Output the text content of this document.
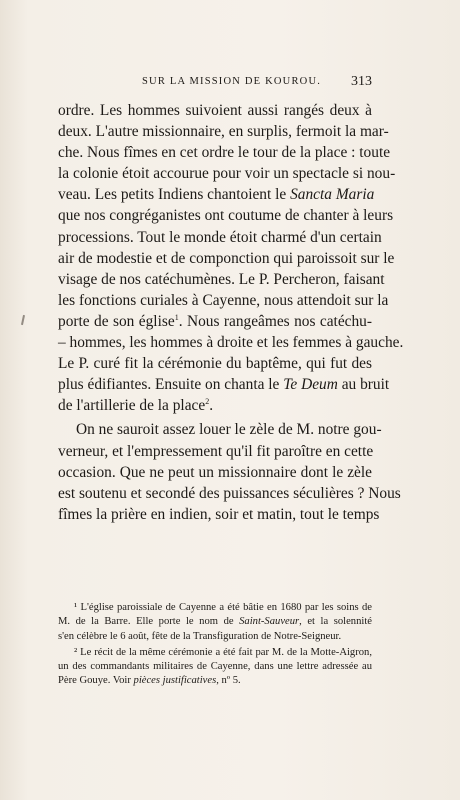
SUR LA MISSION DE KOUROU. 313
ordre. Les hommes suivoient aussi rangés deux à
deux. L'autre missionnaire, en surplis, fermoit la mar-
che. Nous fîmes en cet ordre le tour de la place : toute
la colonie étoit accourue pour voir un spectacle si nou-
veau. Les petits Indiens chantoient le Sancta Maria
que nos congréganistes ont coutume de chanter à leurs
processions. Tout le monde étoit charmé d'un certain
air de modestie et de componction qui paroissoit sur le
visage de nos catéchumènes. Le P. Percheron, faisant
les fonctions curiales à Cayenne, nous attendoit sur la
porte de son église$^1$. Nous rangeâmes nos catéchu-
– hommes, les hommes à droite et les femmes à gauche.
Le P. curé fit la cérémonie du baptême, qui fut des
plus édifiantes. Ensuite on chanta le Te Deum au bruit
de l'artillerie de la place$^2$.
On ne sauroit assez louer le zèle de M. notre gou-
verneur, et l'empressement qu'il fit paroître en cette
occasion. Que ne peut un missionnaire dont le zèle
est soutenu et secondé des puissances séculières ? Nous
fîmes la prière en indien, soir et matin, tout le temps
¹ L'église paroissiale de Cayenne a été bâtie en 1680 par les soins de
M. de la Barre. Elle porte le nom de Saint-Sauveur, et la solennité
s'en célèbre le 6 août, fête de la Transfiguration de Notre-Seigneur.
² Le récit de la même cérémonie a été fait par M. de la Motte-Aigron,
un des commandants militaires de Cayenne, dans une lettre adressée au
Père Gouye. Voir pièces justificatives, nº 5.
